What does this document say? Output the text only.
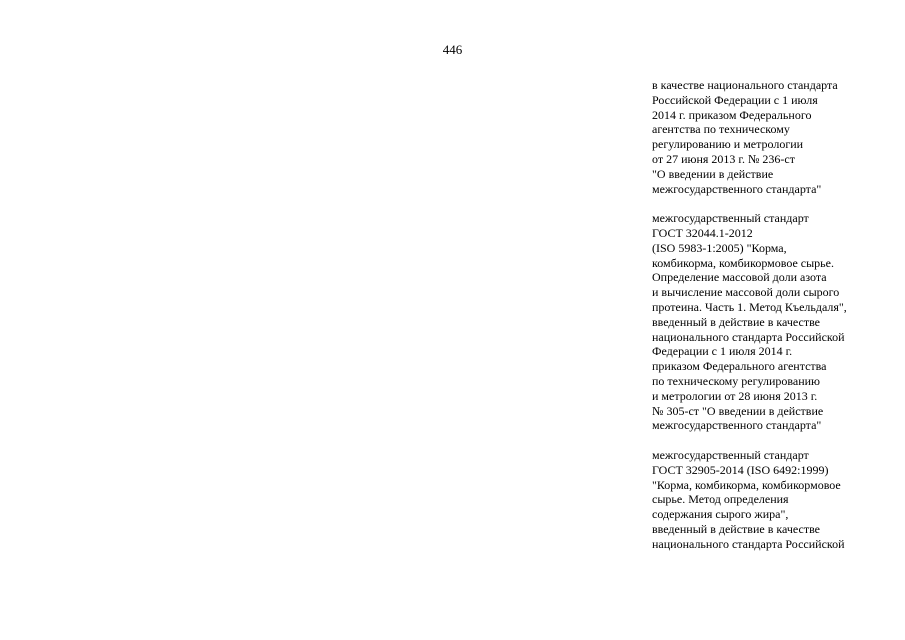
446
в качестве национального стандарта
Российской Федерации с 1 июля
2014 г. приказом Федерального
агентства по техническому
регулированию и метрологии
от 27 июня 2013 г. № 236-ст
"О введении в действие
межгосударственного стандарта"
межгосударственный стандарт
ГОСТ 32044.1-2012
(ISO 5983-1:2005) "Корма,
комбикорма, комбикормовое сырье.
Определение массовой доли азота
и вычисление массовой доли сырого
протеина. Часть 1. Метод Къельдаля",
введенный в действие в качестве
национального стандарта Российской
Федерации с 1 июля 2014 г.
приказом Федерального агентства
по техническому регулированию
и метрологии от 28 июня 2013 г.
№ 305-ст "О введении в действие
межгосударственного стандарта"
межгосударственный стандарт
ГОСТ 32905-2014 (ISO 6492:1999)
"Корма, комбикорма, комбикормовое
сырье. Метод определения
содержания сырого жира",
введенный в действие в качестве
национального стандарта Российской
